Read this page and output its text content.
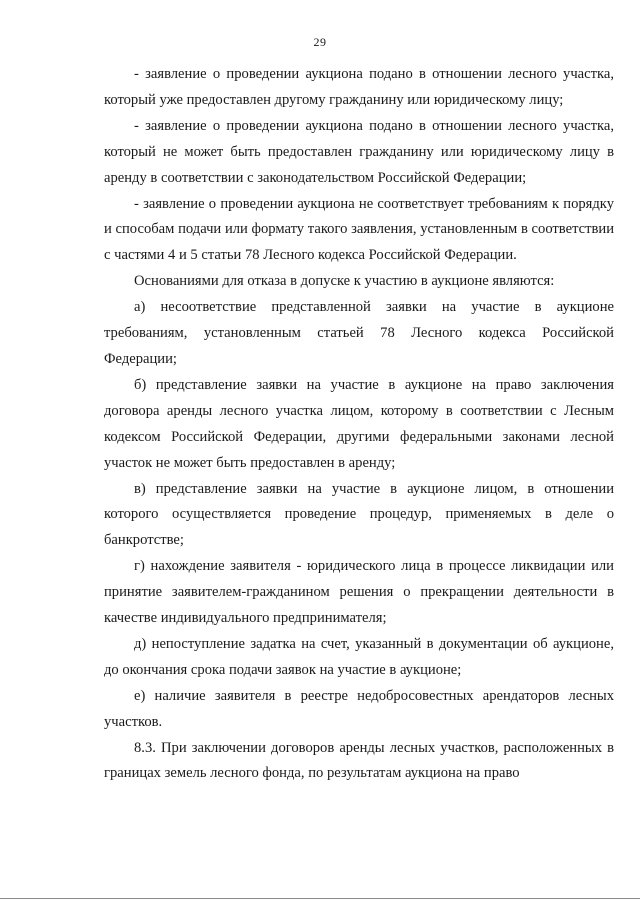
29

- заявление о проведении аукциона подано в отношении лесного участка, который уже предоставлен другому гражданину или юридическому лицу;

- заявление о проведении аукциона подано в отношении лесного участка, который не может быть предоставлен гражданину или юридическому лицу в аренду в соответствии с законодательством Российской Федерации;

- заявление о проведении аукциона не соответствует требованиям к порядку и способам подачи или формату такого заявления, установленным в соответствии с частями 4 и 5 статьи 78 Лесного кодекса Российской Федерации.

Основаниями для отказа в допуске к участию в аукционе являются:

а) несоответствие представленной заявки на участие в аукционе требованиям, установленным статьей 78 Лесного кодекса Российской Федерации;

б) представление заявки на участие в аукционе на право заключения договора аренды лесного участка лицом, которому в соответствии с Лесным кодексом Российской Федерации, другими федеральными законами лесной участок не может быть предоставлен в аренду;

в) представление заявки на участие в аукционе лицом, в отношении которого осуществляется проведение процедур, применяемых в деле о банкротстве;

г) нахождение заявителя - юридического лица в процессе ликвидации или принятие заявителем-гражданином решения о прекращении деятельности в качестве индивидуального предпринимателя;

д) непоступление задатка на счет, указанный в документации об аукционе, до окончания срока подачи заявок на участие в аукционе;

е) наличие заявителя в реестре недобросовестных арендаторов лесных участков.

8.3. При заключении договоров аренды лесных участков, расположенных в границах земель лесного фонда, по результатам аукциона на право
